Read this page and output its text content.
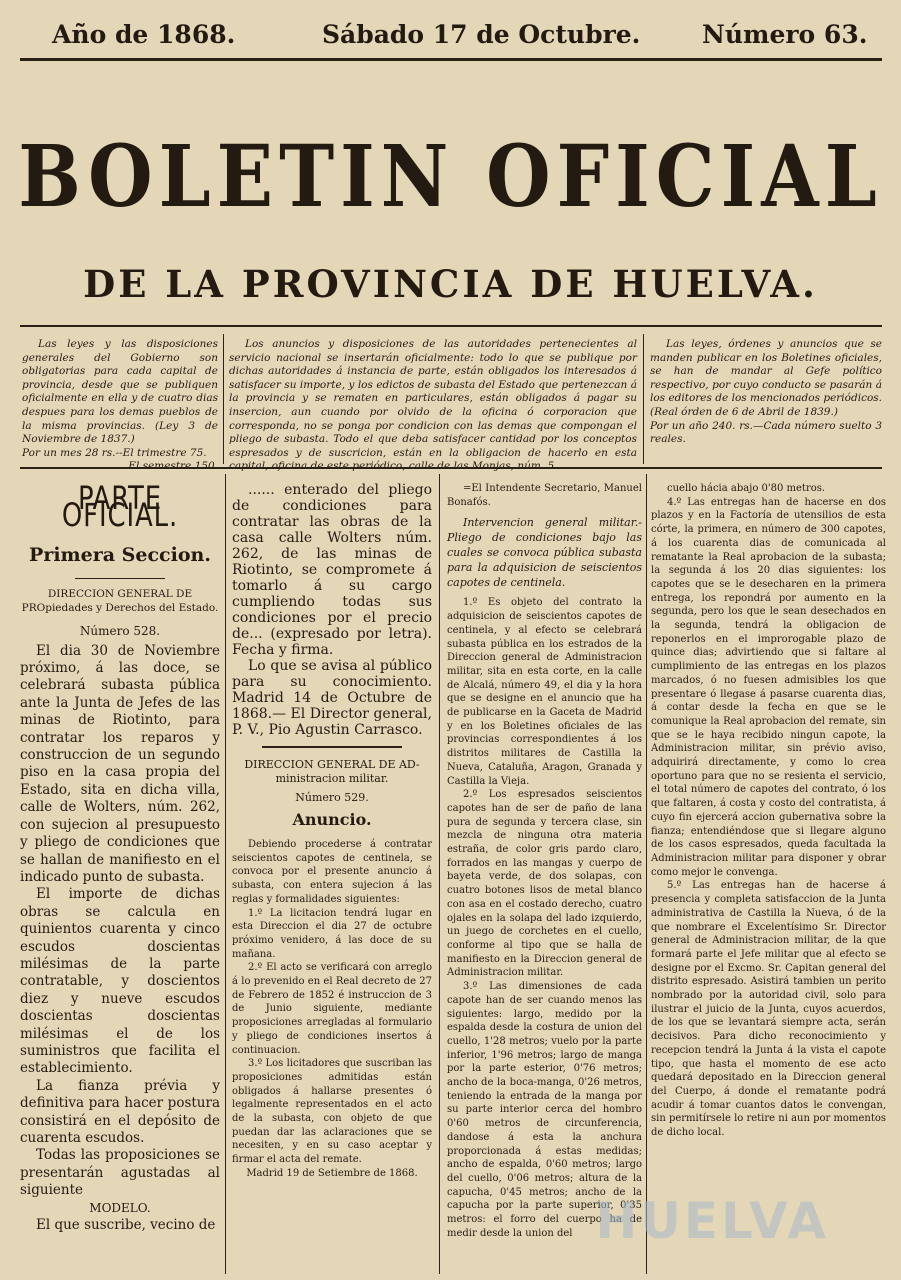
Año de 1868.	Sábado 17 de Octubre. Número 63.
BOLETIN OFICIAL
DE LA PROVINCIA DE HUELVA.

Las leyes y las disposiciones generales del Gobierno son obligatorias para cada capital de provincia, desde que se publiquen oficialmente en ella y de cuatro dias despues para los demas pueblos de la misma provincias. (Ley 3 de Noviembre de 1837.)

Por un mes 28 rs.--El trimestre 75.

Los anuncios y disposiciones de las autoridades pertenecientes al servicio nacional se insertarán oficialmente: todo lo que se publique por dichas autoridades á instancia de parte, están obligados los interesados á satisfacer su importe, y los edictos de subasta del Estado que pertenezcan á la provincia y se rematen en particulares, están obligados á pagar su insercion, aun cuando por olvido de la oficina ó corporacion que corresponda, no se ponga por condicion con las demas que compongan el pliego de subasta. Todo el que deba satisfacer cantidad por los conceptos espresados y de suscricion, están en la obligacion de hacerlo en esta

Las leyes, órdenes y anuncios que se manden publicar en los Boletines oficiales, se han de mandar al Gefe político respectivo, por cuyo conducto se pasarán á los editores de los mencionados periódicos. (Real órden de 6 de Abril de 1839.)

Por un año 240. rs.—Cada número suelto 3 reales.

PARTE OFICIAL.
Primera Seccion.

DIRECCION GENERAL DE PROpiedades y Derechos del Estado.

Número 528.

El dia 30 de Noviembre próximo, á las doce, se celebrará subasta pública ante la Junta de Jefes de las minas de Riotinto, para contratar los reparos y construccion de un segundo piso en la casa propia del Estado, sita en dicha villa, calle de Wolters, núm. 262, con sujecion al presupuesto y pliego de condiciones que se hallan de manifiesto en el indicado punto de subasta.

El importe de dichas obras se calcula en quinientos cuarenta y cinco escudos doscientas milésimas de la parte contratable, y doscientos diez y nueve escudos doscientas doscientas milésimas el de los suministros que facilita el establecimiento.

La fianza prévia y definitiva para hacer postura consistirá en el depósito de cuarenta escudos.

Todas las proposiciones se presentarán agustadas al siguiente

MODELO.

El que suscribe, vecino de

...... enterado del pliego de condiciones para contratar las obras de la casa calle Wolters núm. 262, de las minas de Riotinto, se compromete á tomarlo á su cargo cumpliendo todas sus condiciones por el precio de... (expresado por letra). Fecha y firma.

Lo que se avisa al público para su conocimiento. Madrid 14 de Octubre de 1868.— El Director general, P. V., Pio Agustin Carrasco.

DIRECCION GENERAL DE AD-

ministracion militar.

Número 529.

Anuncio.

Debiendo procederse á contratar seiscientos capotes de centinela, se convoca por el presente anuncio á subasta, con entera sujecion á las reglas y formalidades siguientes:

1.º La licitacion tendrá lugar en esta Direccion el dia 27 de octubre próximo venidero, á las doce de su mañana.

2.º El acto se verificará con arreglo á lo prevenido en el Real decreto de 27 de Febrero de 1852 é instruccion de 3 de Junio siguiente, mediante proposiciones arregladas al formulario y pliego de condiciones insertos á continuacion.

3.º Los licitadores que suscriban las proposiciones admitidas están obligados á hallarse presentes ó legalmente representados en el acto de la subasta, con objeto de que puedan dar las aclaraciones que se necesiten, y en su caso aceptar y firmar el acta del remate.

Madrid 19 de Setiembre de 1868.

=El Intendente Secretario, Manuel Bonafós.

Intervencion general militar.-Pliego de condiciones bajo las cuales se convoca pública subasta para la adquisicion de seiscientos capotes de centinela.

1.º Es objeto del contrato la adquisicion de seiscientos capotes de centinela, y al efecto se celebrará subasta pública en los estrados de la Direccion general de Administracion militar, sita en esta corte, en la calle de Alcalá, número 49, el dia y la hora que se designe en el anuncio que ha de publicarse en la Gaceta de Madrid y en los Boletines oficiales de las provincias correspondientes á los distritos militares de Castilla la Nueva, Cataluña, Aragon, Granada y Castilla la Vieja.

2.º Los espresados seiscientos capotes han de ser de paño de lana pura de segunda y tercera clase, sin mezcla de ninguna otra materia estraña, de color gris pardo claro, forrados en las mangas y cuerpo de bayeta verde, de dos solapas, con cuatro botones lisos de metal blanco con asa en el costado derecho, cuatro ojales en la solapa del lado izquierdo, un juego de corchetes en el cuello, conforme al tipo que se halla de manifiesto en la Direccion general de Administracion militar.

3.º Las dimensiones de cada capote han de ser cuando menos las siguientes: largo, medido por la espalda desde la costura de union del cuello, 1'28 metros; vuelo por la parte inferior, 1'96 metros; largo de manga por la parte esterior, 0'76 metros; ancho de la boca-manga, 0'26 metros, teniendo la entrada de la manga por su parte interior cerca del hombro 0'60 metros de circunferencia, dandose á esta la anchura proporcionada á estas medidas; ancho de espalda, 0'60 metros; largo del cuello, 0'06 metros; altura de la capucha, 0'45 metros; ancho de la capucha por la parte superior, 0'35 metros: el forro del cuerpo ha de medir desde la union del

cuello hácia abajo 0'80 metros.

4.º Las entregas han de hacerse en dos plazos y en la Factoría de utensilios de esta córte, la primera, en número de 300 capotes, á los cuarenta dias de comunicada al rematante la Real aprobacion de la subasta; la segunda á los 20 dias siguientes: los capotes que se le desecharen en la primera entrega, los repondrá por aumento en la segunda, pero los que le sean desechados en la segunda, tendrá la obligacion de reponerlos en el improrogable plazo de quince dias; advirtiendo que si faltare al cumplimiento de las entregas en los plazos marcados, ó no fuesen admisibles los que presentare ó llegase á pasarse cuarenta dias, á contar desde la fecha en que se le comunique la Real aprobacion del remate, sin que se le haya recibido ningun capote, la Administracion militar, sin prévio aviso, adquirirá directamente, y como lo crea oportuno para que no se resienta el servicio, el total número de capotes del contrato, ó los que faltaren, á costa y costo del contratista, á cuyo fin ejercerá accion gubernativa sobre la fianza; entendiéndose que si llegare alguno de los casos espresados, queda facultada la Administracion militar para disponer y obrar como mejor le convenga.

5.º Las entregas han de hacerse á presencia y completa satisfaccion de la Junta administrativa de Castilla la Nueva, ó de la que nombrare el Excelentísimo Sr. Director general de Administracion militar, de la que formará parte el Jefe militar que al efecto se designe por el Excmo. Sr. Capitan general del distrito espresado. Asistirá tambien un perito nombrado por la autoridad civil, solo para ilustrar el juicio de la Junta, cuyos acuerdos, de los que se levantará siempre acta, serán decisivos. Para dicho reconocimiento y recepcion tendrá la Junta á la vista el capote tipo, que hasta el momento de ese acto quedará depositado en la Direccion general del Cuerpo, á donde el rematante podrá acudir á tomar cuantos datos le convengan, sin permitírsele lo retire ni aun por momentos de dicho local.

HUELVA
